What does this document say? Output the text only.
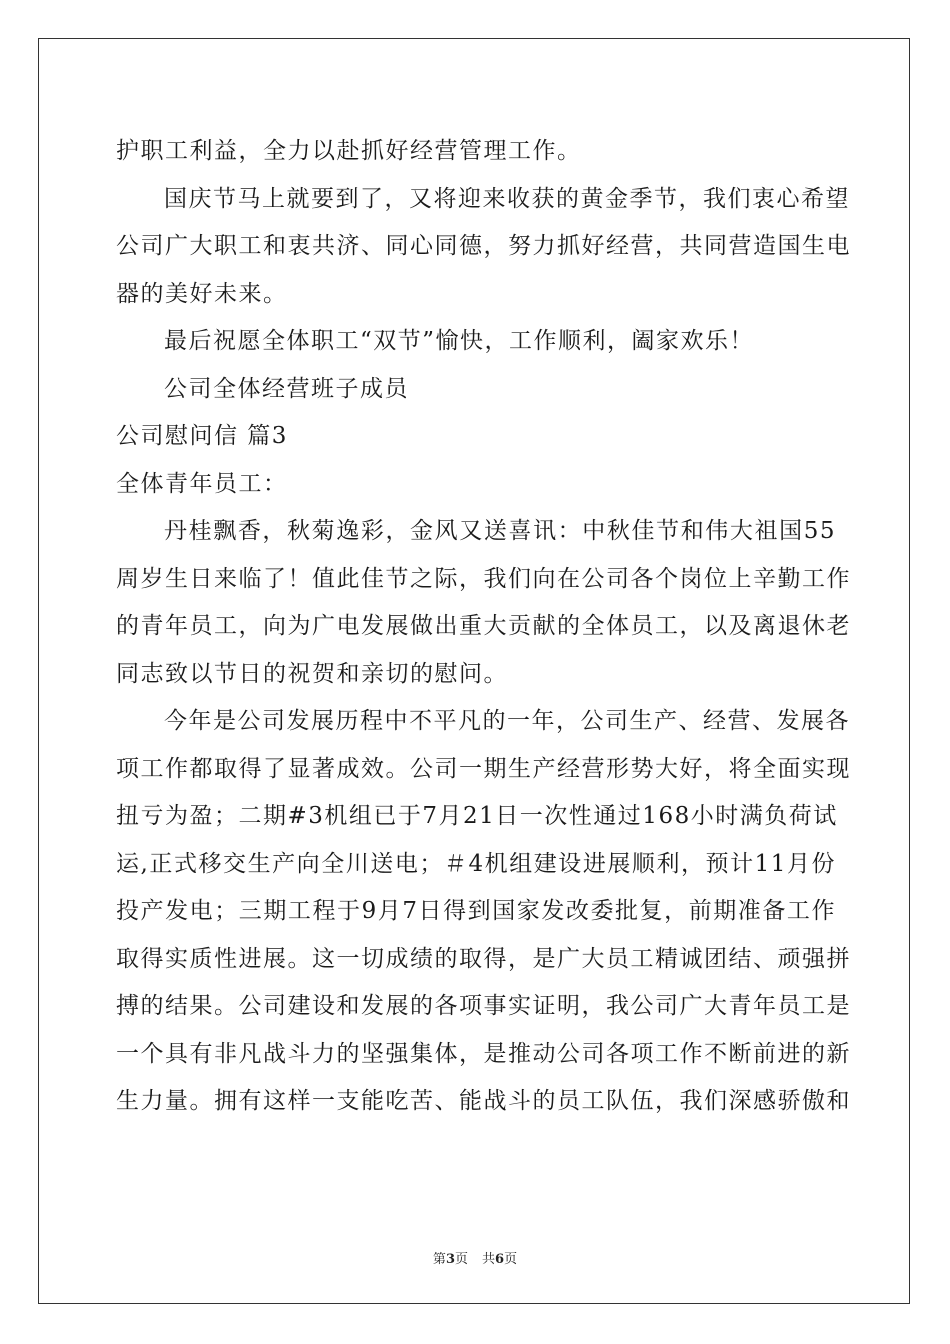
护职工利益，全力以赴抓好经营管理工作。
国庆节马上就要到了，又将迎来收获的黄金季节，我们衷心希望
公司广大职工和衷共济、同心同德，努力抓好经营，共同营造国生电
器的美好未来。
最后祝愿全体职工“双节”愉快，工作顺利，阖家欢乐！
公司全体经营班子成员
公司慰问信 篇3
全体青年员工：
丹桂飘香，秋菊逸彩，金风又送喜讯：中秋佳节和伟大祖国55
周岁生日来临了！值此佳节之际，我们向在公司各个岗位上辛勤工作
的青年员工，向为广电发展做出重大贡献的全体员工，以及离退休老
同志致以节日的祝贺和亲切的慰问。
今年是公司发展历程中不平凡的一年，公司生产、经营、发展各
项工作都取得了显著成效。公司一期生产经营形势大好，将全面实现
扭亏为盈；二期#3机组已于7月21日一次性通过168小时满负荷试
运,正式移交生产向全川送电；＃4机组建设进展顺利，预计11月份
投产发电；三期工程于9月7日得到国家发改委批复，前期准备工作
取得实质性进展。这一切成绩的取得，是广大员工精诚团结、顽强拼
搏的结果。公司建设和发展的各项事实证明，我公司广大青年员工是
一个具有非凡战斗力的坚强集体，是推动公司各项工作不断前进的新
生力量。拥有这样一支能吃苦、能战斗的员工队伍，我们深感骄傲和
第3页 共6页
